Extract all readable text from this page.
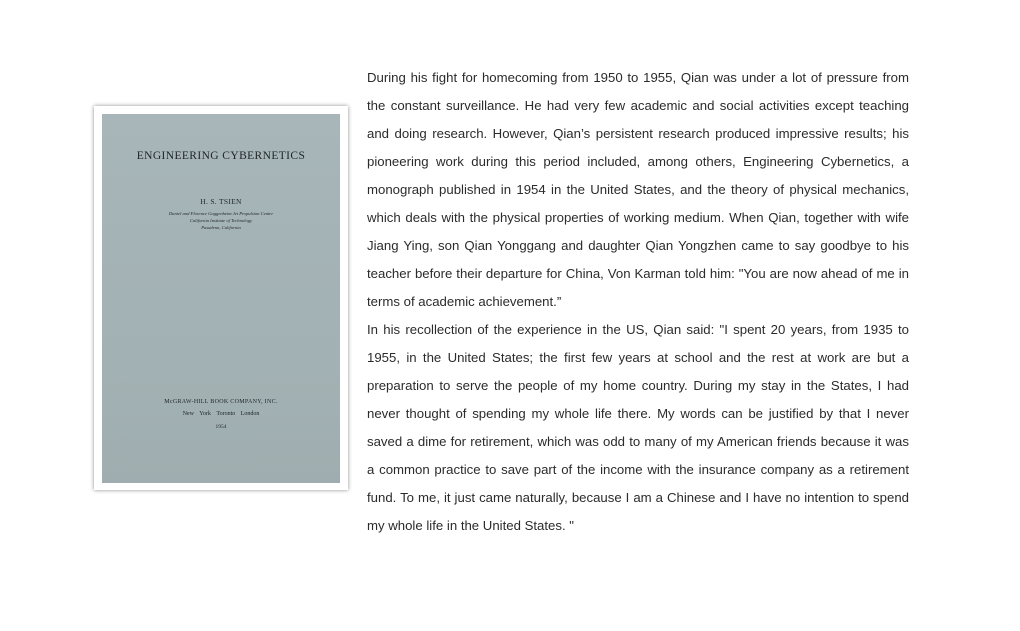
ENGINEERING CYBERNETICS
H. S. TSIEN
Daniel and Florence Guggenheim Jet Propulsion Center
California Institute of Technology
Pasadena, California
McGRAW-HILL BOOK COMPANY, INC.
New York Toronto London
1954

During his fight for homecoming from 1950 to 1955, Qian was under a lot of pressure from the constant surveillance. He had very few academic and social activities except teaching and doing research. However, Qian’s persistent research produced impressive results; his pioneering work during this period included, among others, Engineering Cybernetics, a monograph published in 1954 in the United States, and the theory of physical mechanics, which deals with the physical properties of working medium. When Qian, together with wife Jiang Ying, son Qian Yonggang and daughter Qian Yongzhen came to say goodbye to his teacher before their departure for China, Von Karman told him: "You are now ahead of me in terms of academic achievement.”

In his recollection of the experience in the US, Qian said: "I spent 20 years, from 1935 to 1955, in the United States; the first few years at school and the rest at work are but a preparation to serve the people of my home country. During my stay in the States, I had never thought of spending my whole life there. My words can be justified by that I never saved a dime for retirement, which was odd to many of my American friends because it was a common practice to save part of the income with the insurance company as a retirement fund. To me, it just came naturally, because I am a Chinese and I have no intention to spend my whole life in the United States. "
